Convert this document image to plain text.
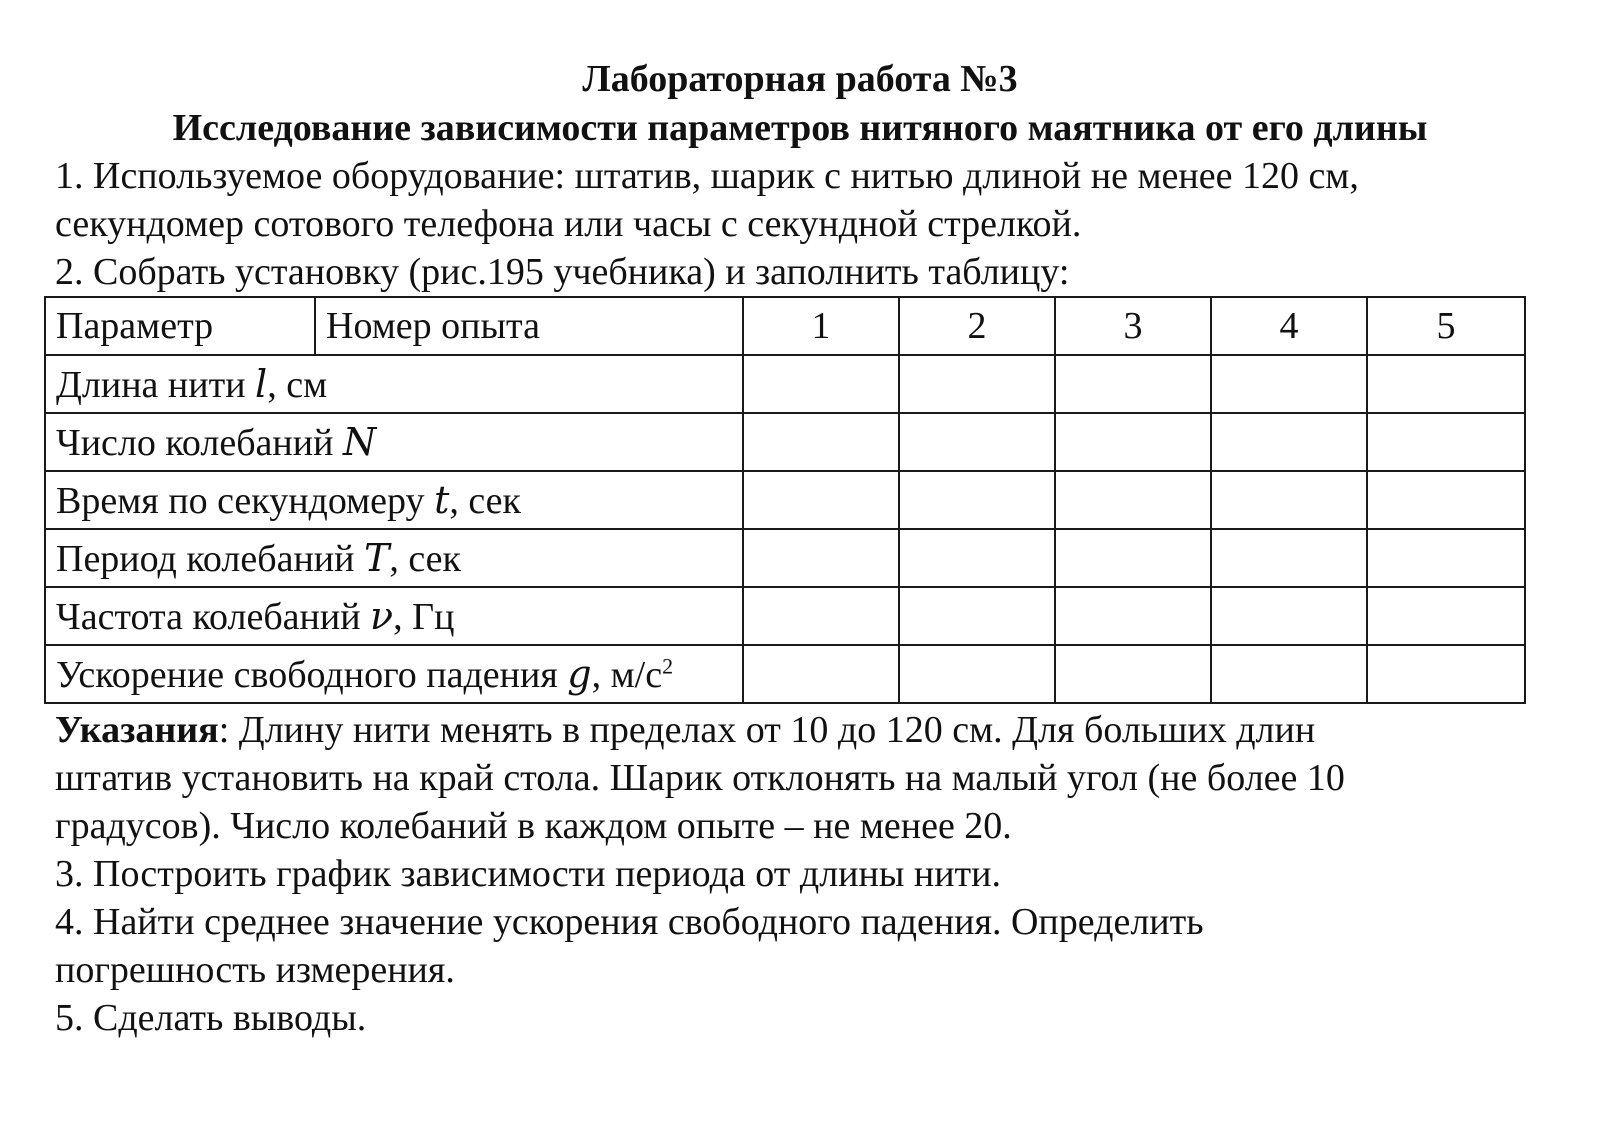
Лабораторная работа №3
Исследование зависимости параметров нитяного маятника от его длины
1. Используемое оборудование: штатив, шарик с нитью длиной не менее 120 см,
секундомер сотового телефона или часы с секундной стрелкой.
2. Собрать установку (рис.195 учебника) и заполнить таблицу:
Параметр	Номер опыта	1	2	3	4	5
Длина нити l, см						
Число колебаний N						
Время по секундомеру t, сек						
Период колебаний T, сек						
Частота колебаний ν, Гц						
Ускорение свободного падения g, $м/с^2$					
Указания: Длину нити менять в пределах от 10 до 120 см. Для больших длин
штатив установить на край стола. Шарик отклонять на малый угол (не более 10
градусов). Число колебаний в каждом опыте – не менее 20.
3. Построить график зависимости периода от длины нити.
4. Найти среднее значение ускорения свободного падения. Определить
погрешность измерения.
5. Сделать выводы.
